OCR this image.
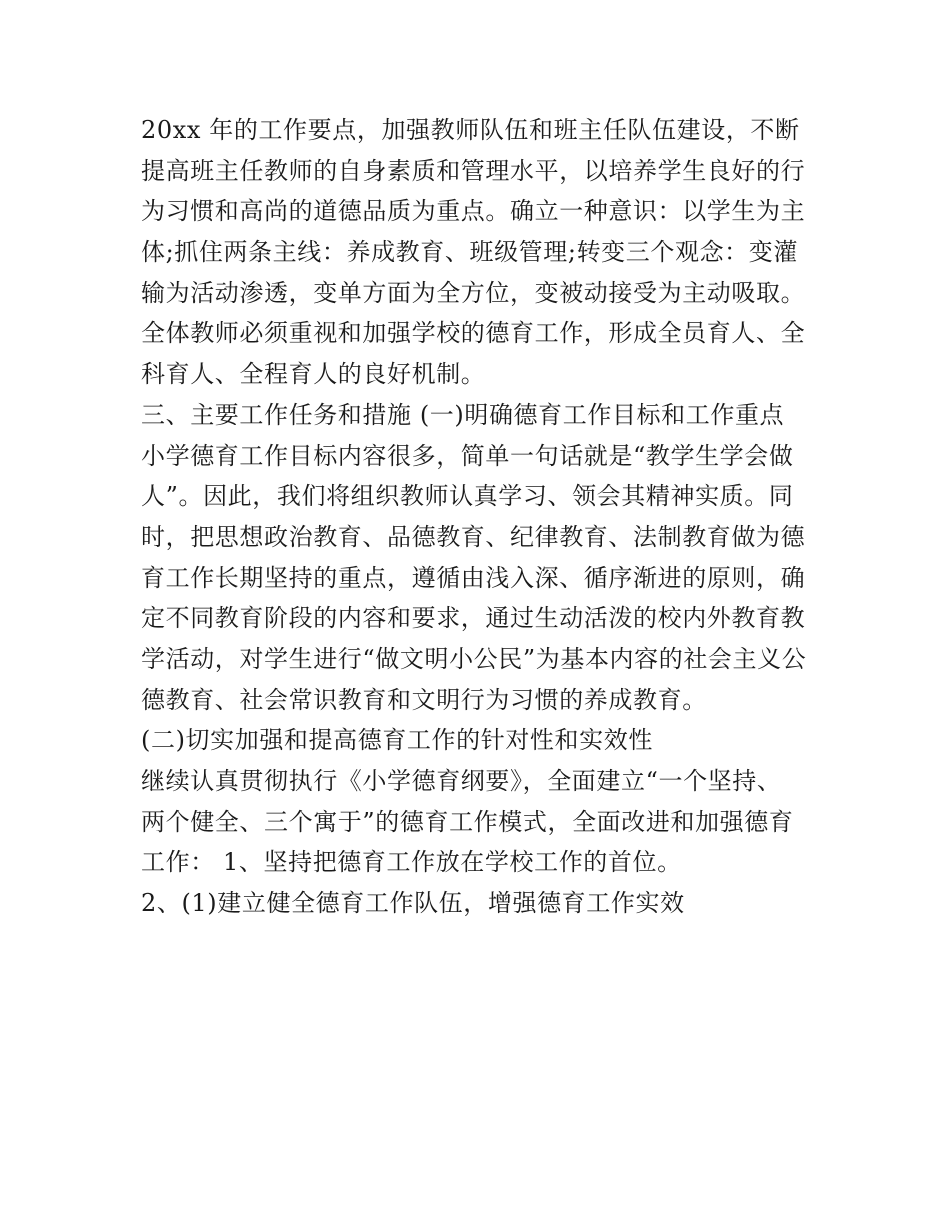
20xx 年的工作要点，加强教师队伍和班主任队伍建设，不断
提高班主任教师的自身素质和管理水平，以培养学生良好的行
为习惯和高尚的道德品质为重点。确立一种意识：以学生为主
体;抓住两条主线：养成教育、班级管理;转变三个观念：变灌
输为活动渗透，变单方面为全方位，变被动接受为主动吸取。
全体教师必须重视和加强学校的德育工作，形成全员育人、全
科育人、全程育人的良好机制。
三、主要工作任务和措施 (一)明确德育工作目标和工作重点
小学德育工作目标内容很多，简单一句话就是“教学生学会做
人”。因此，我们将组织教师认真学习、领会其精神实质。同
时，把思想政治教育、品德教育、纪律教育、法制教育做为德
育工作长期坚持的重点，遵循由浅入深、循序渐进的原则，确
定不同教育阶段的内容和要求，通过生动活泼的校内外教育教
学活动，对学生进行“做文明小公民”为基本内容的社会主义公
德教育、社会常识教育和文明行为习惯的养成教育。
(二)切实加强和提高德育工作的针对性和实效性
继续认真贯彻执行《小学德育纲要》，全面建立“一个坚持、
两个健全、三个寓于”的德育工作模式，全面改进和加强德育
工作： 1、坚持把德育工作放在学校工作的首位。
2、(1)建立健全德育工作队伍，增强德育工作实效
